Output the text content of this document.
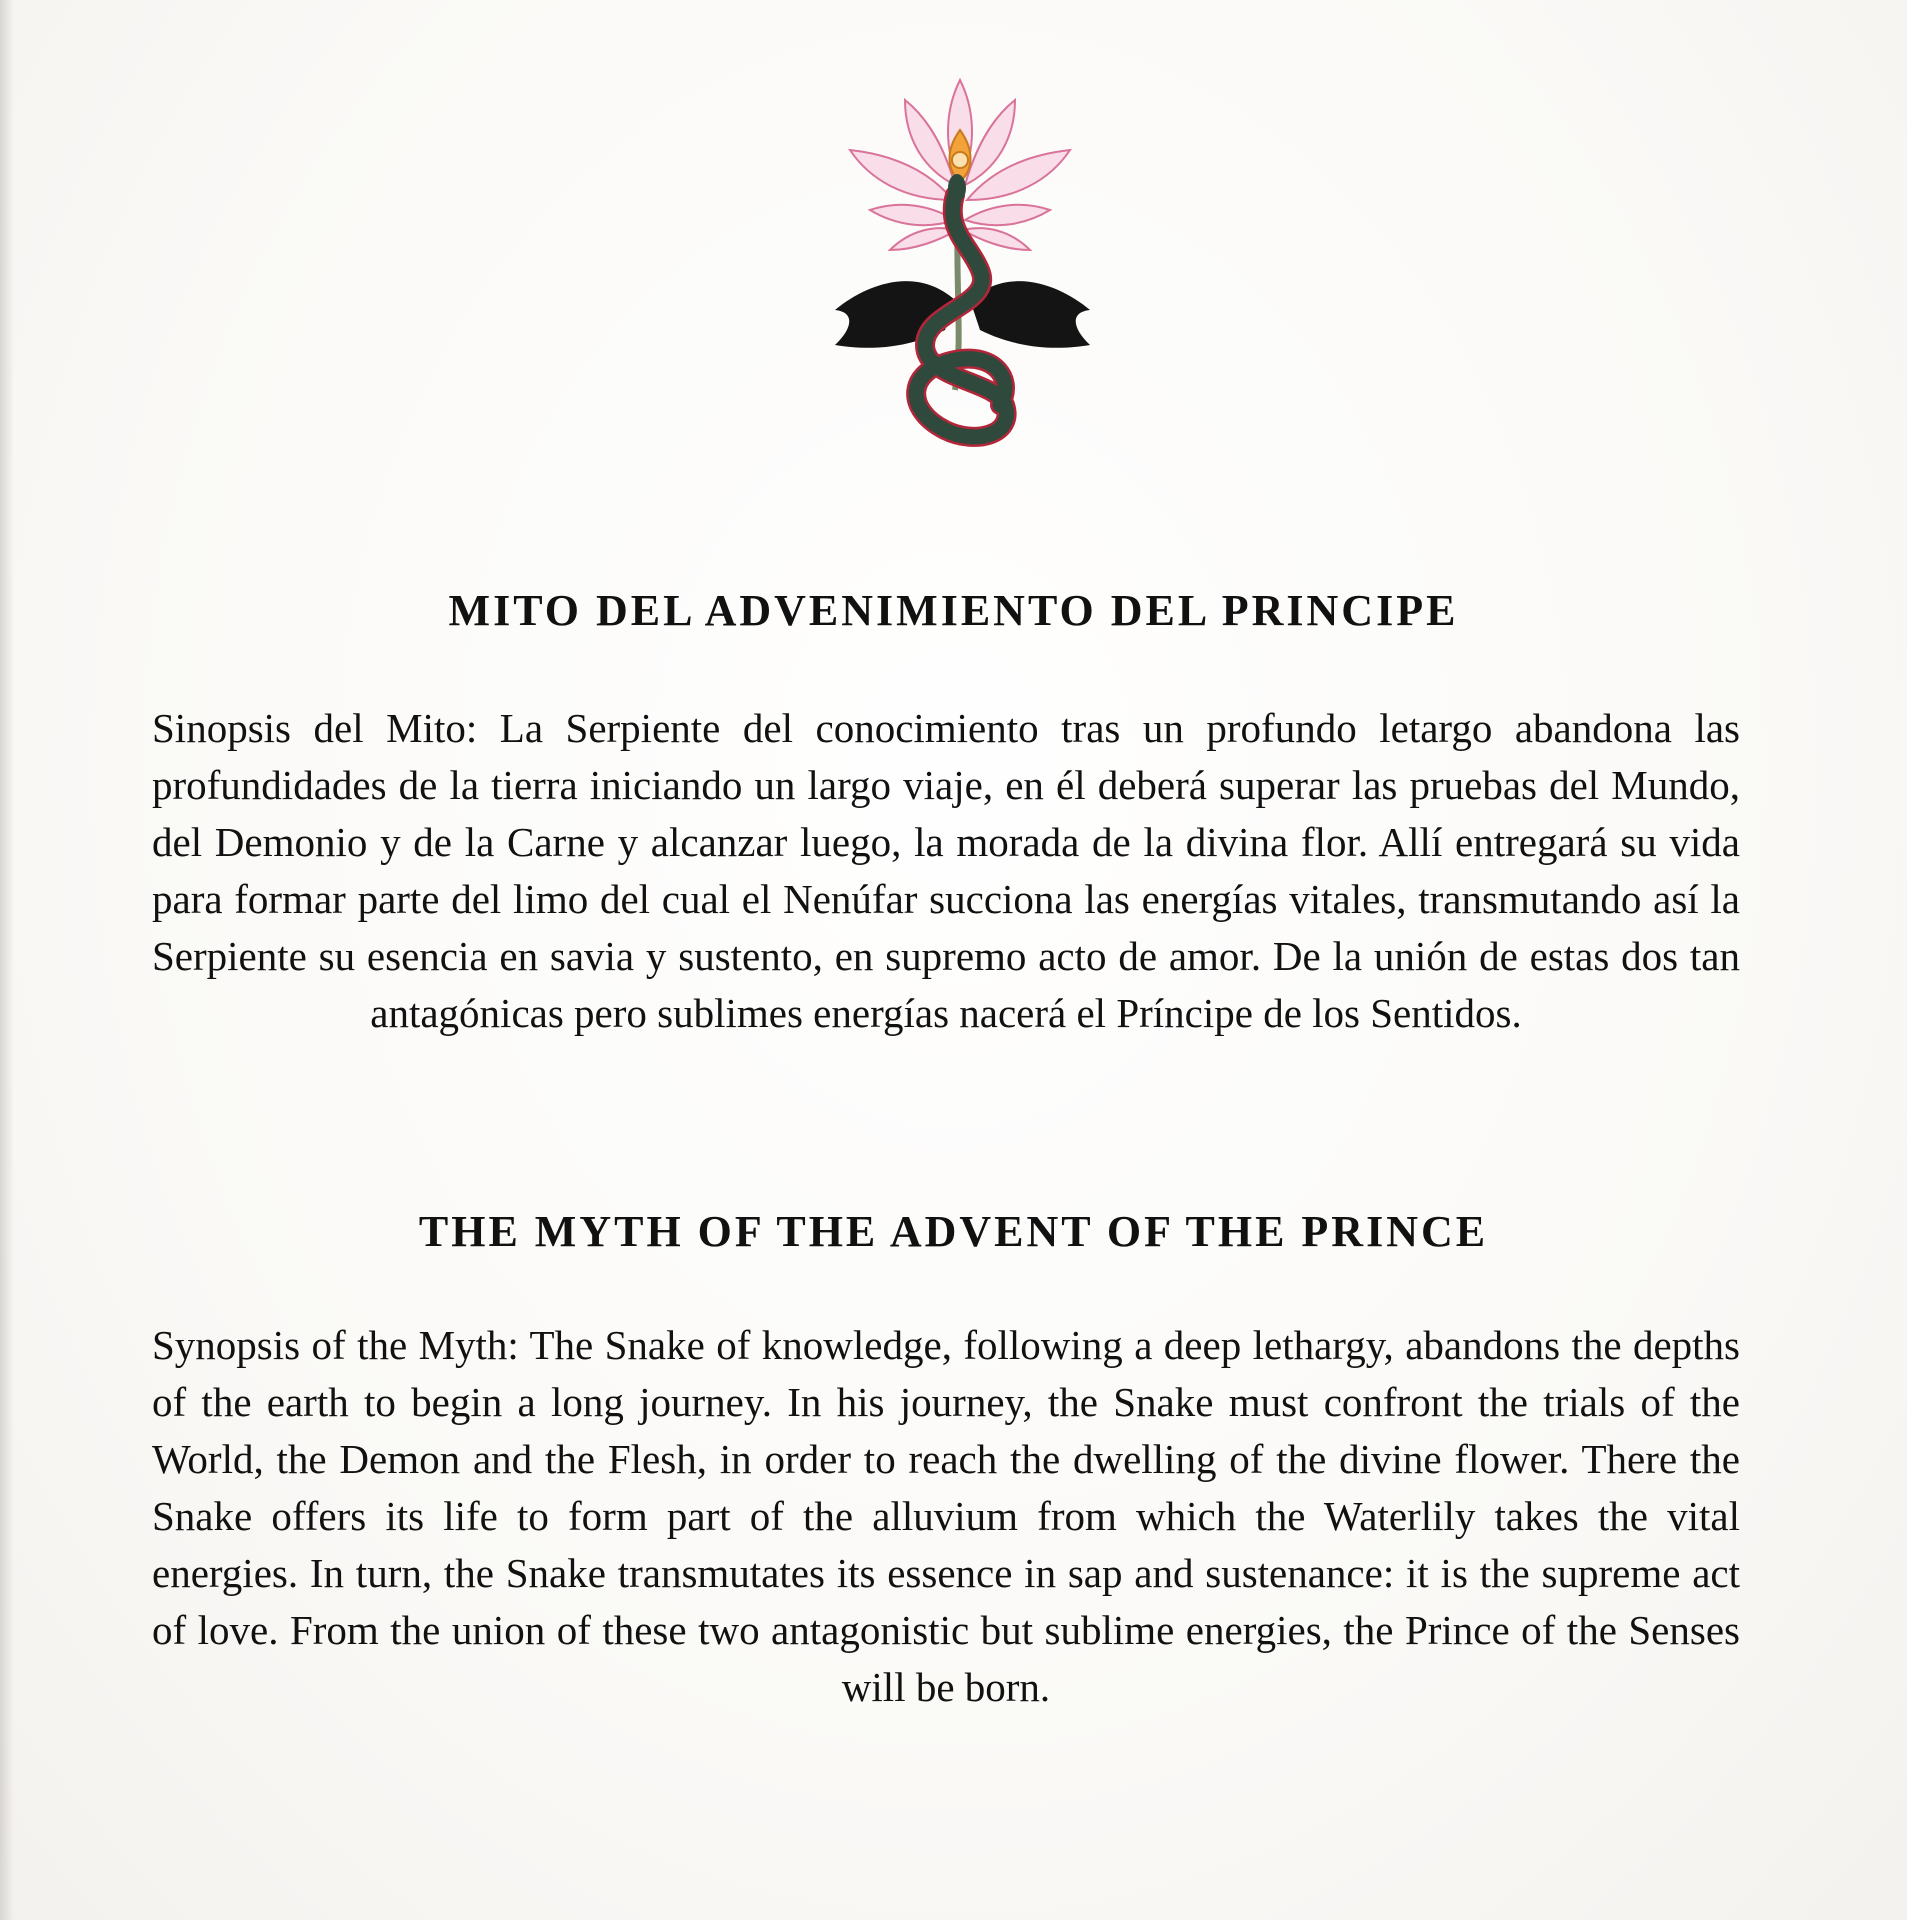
MITO DEL ADVENIMIENTO DEL PRINCIPE

Sinopsis del Mito: La Serpiente del conocimiento tras un profundo letargo abandona las profundidades de la tierra iniciando un largo viaje, en él deberá superar las pruebas del Mundo, del Demonio y de la Carne y alcanzar luego, la morada de la divina flor. Allí entregará su vida para formar parte del limo del cual el Nenúfar succiona las energías vitales, transmutando así la Serpiente su esencia en savia y sustento, en supremo acto de amor. De la unión de estas dos tan antagónicas pero sublimes energías nacerá el Príncipe de los Sentidos.

THE MYTH OF THE ADVENT OF THE PRINCE

Synopsis of the Myth: The Snake of knowledge, following a deep lethargy, abandons the depths of the earth to begin a long journey. In his journey, the Snake must confront the trials of the World, the Demon and the Flesh, in order to reach the dwelling of the divine flower. There the Snake offers its life to form part of the alluvium from which the Waterlily takes the vital energies. In turn, the Snake transmutates its essence in sap and sustenance: it is the supreme act of love. From the union of these two antagonistic but sublime energies, the Prince of the Senses will be born.
